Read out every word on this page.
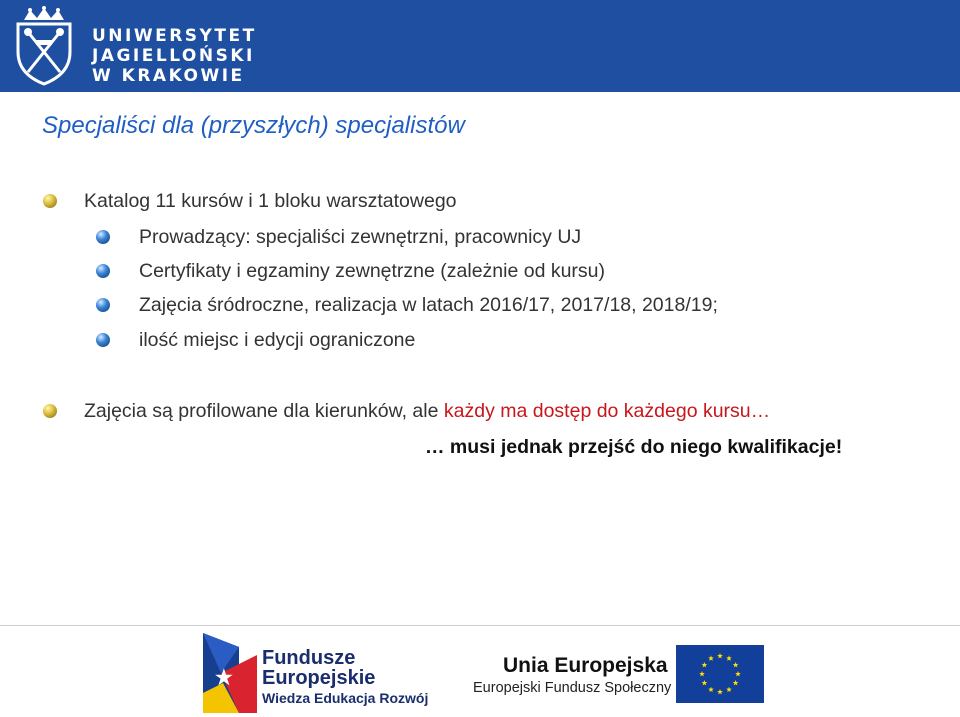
UNIWERSYTET
JAGIELLOŃSKI
W KRAKOWIE
Specjaliści dla (przyszłych) specjalistów
Katalog 11 kursów i 1 bloku warsztatowego
Prowadzący: specjaliści zewnętrzni, pracownicy UJ
Certyfikaty i egzaminy zewnętrzne (zależnie od kursu)
Zajęcia śródroczne, realizacja w latach 2016/17, 2017/18, 2018/19;
ilość miejsc i edycji ograniczone
Zajęcia są profilowane dla kierunków, ale każdy ma dostęp do każdego kursu…
… musi jednak przejść do niego kwalifikacje!
Fundusze
Europejskie
Wiedza Edukacja Rozwój
Unia Europejska
Europejski Fundusz Społeczny
